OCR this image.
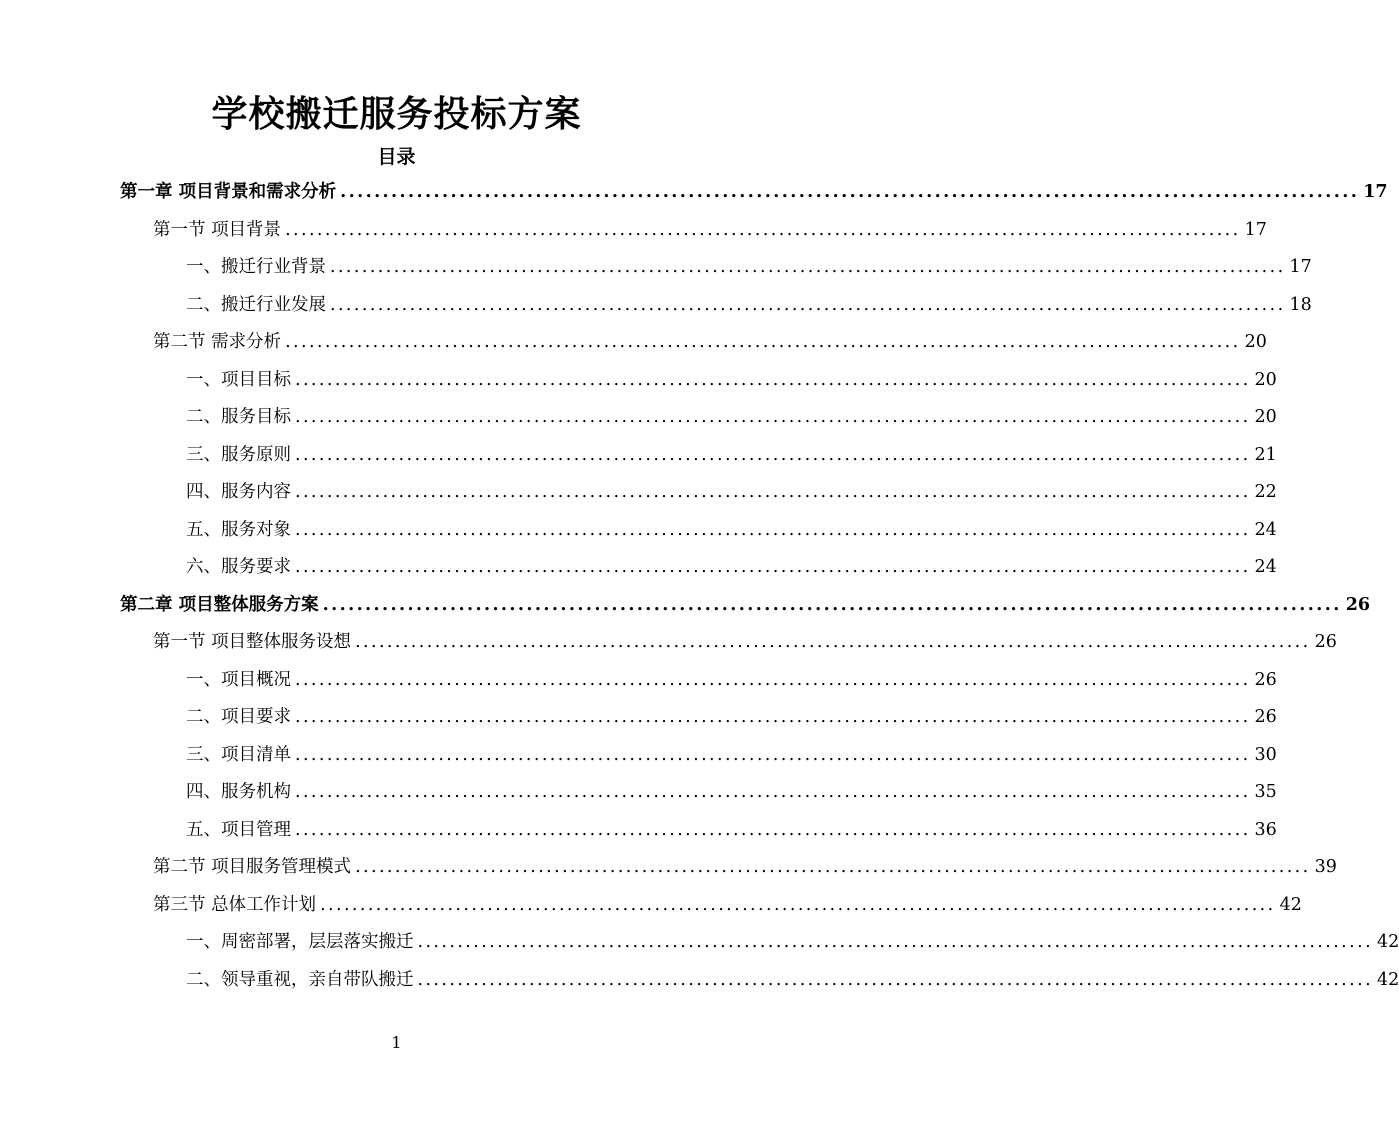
学校搬迁服务投标方案
目录
第一章 项目背景和需求分析 ........................................................................................................................ 17
第一节 项目背景 ........................................................................................................................ 17
一、搬迁行业背景 ........................................................................................................................ 17
二、搬迁行业发展 ........................................................................................................................ 18
第二节 需求分析 ........................................................................................................................ 20
一、项目目标 ........................................................................................................................ 20
二、服务目标 ........................................................................................................................ 20
三、服务原则 ........................................................................................................................ 21
四、服务内容 ........................................................................................................................ 22
五、服务对象 ........................................................................................................................ 24
六、服务要求 ........................................................................................................................ 24
第二章 项目整体服务方案 ........................................................................................................................ 26
第一节 项目整体服务设想 ........................................................................................................................ 26
一、项目概况 ........................................................................................................................ 26
二、项目要求 ........................................................................................................................ 26
三、项目清单 ........................................................................................................................ 30
四、服务机构 ........................................................................................................................ 35
五、项目管理 ........................................................................................................................ 36
第二节 项目服务管理模式 ........................................................................................................................ 39
第三节 总体工作计划 ........................................................................................................................ 42
一、周密部署，层层落实搬迁 ........................................................................................................................ 42
二、领导重视，亲自带队搬迁 ........................................................................................................................ 42
1
